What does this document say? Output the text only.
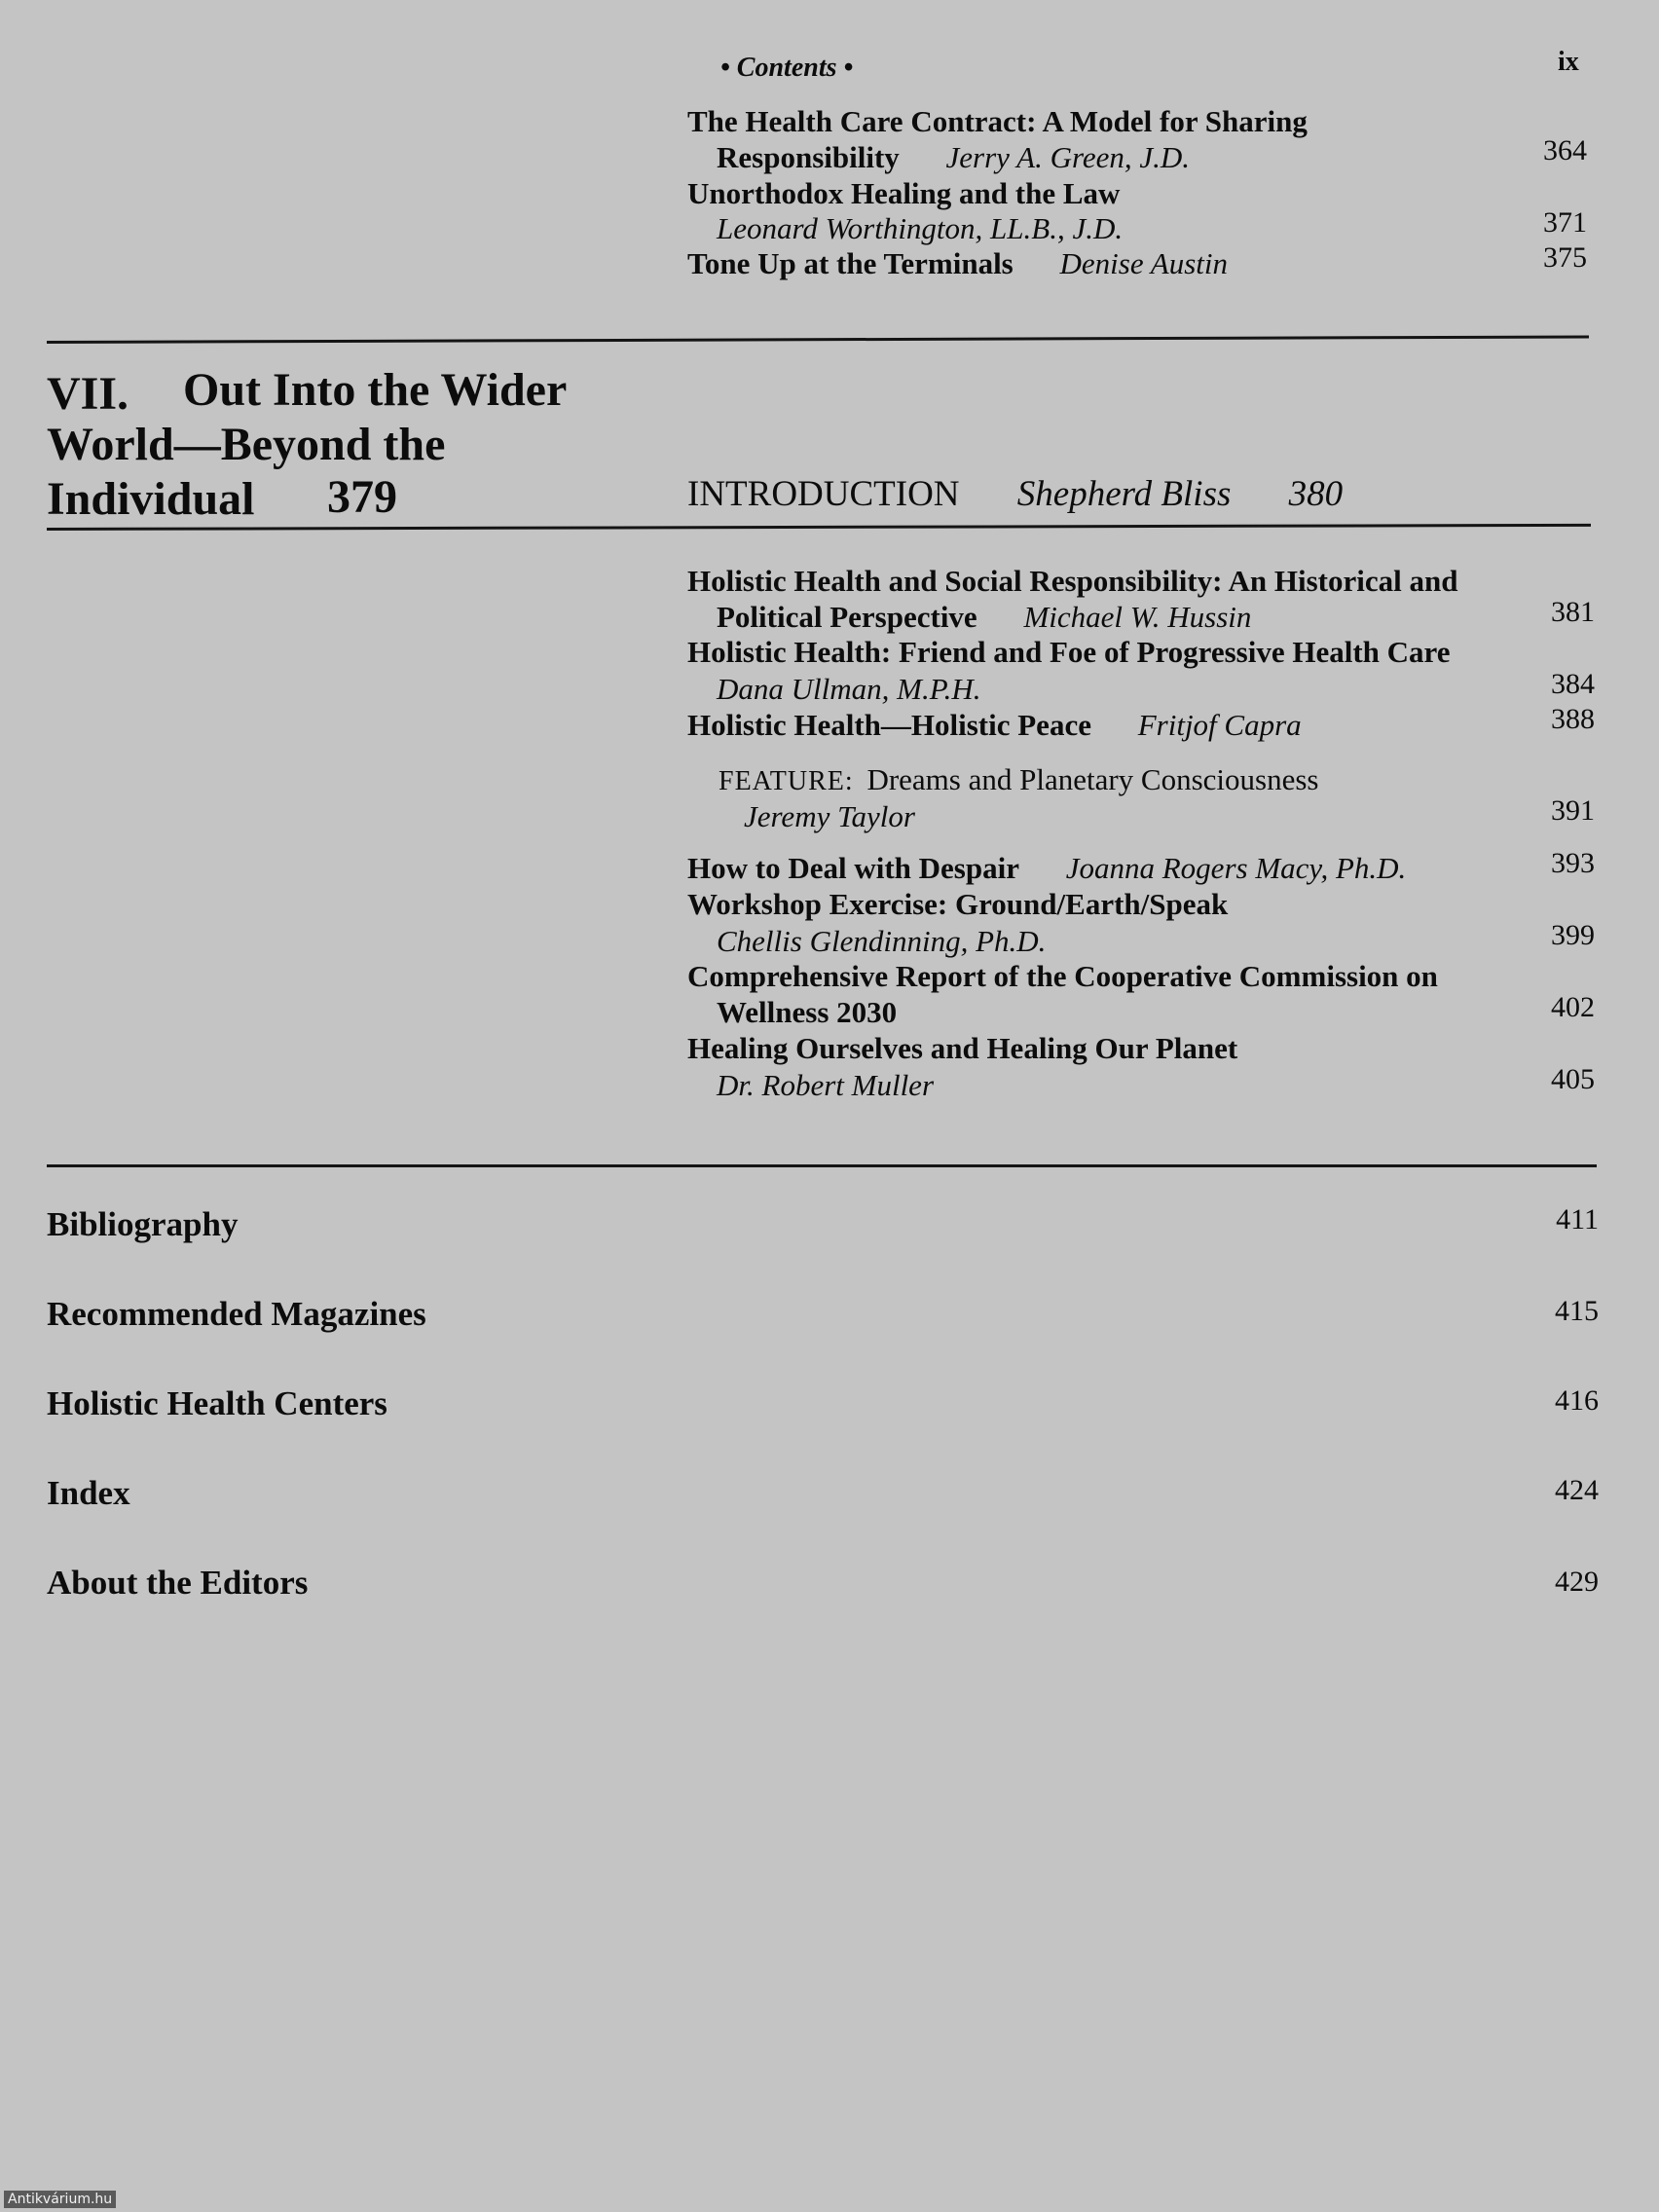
• Contents •	ix
The Health Care Contract: A Model for Sharing
Responsibility Jerry A. Green, J.D.	364
Unorthodox Healing and the Law
Leonard Worthington, LL.B., J.D.	371
Tone Up at the Terminals Denise Austin	375
VII. Out Into the Wider
World—Beyond the
Individual 379	INTRODUCTION Shepherd Bliss 380
Holistic Health and Social Responsibility: An Historical and
Political Perspective Michael W. Hussin	381
Holistic Health: Friend and Foe of Progressive Health Care
Dana Ullman, M.P.H.	384
Holistic Health—Holistic Peace Fritjof Capra	388
FEATURE: Dreams and Planetary Consciousness
Jeremy Taylor	391
How to Deal with Despair Joanna Rogers Macy, Ph.D.	393
Workshop Exercise: Ground/Earth/Speak
Chellis Glendinning, Ph.D.	399
Comprehensive Report of the Cooperative Commission on
Wellness 2030	402
Healing Ourselves and Healing Our Planet
Dr. Robert Muller	405
Bibliography	411
Recommended Magazines	415
Holistic Health Centers	416
Index	424
About the Editors	429
Antikvárium.hu
